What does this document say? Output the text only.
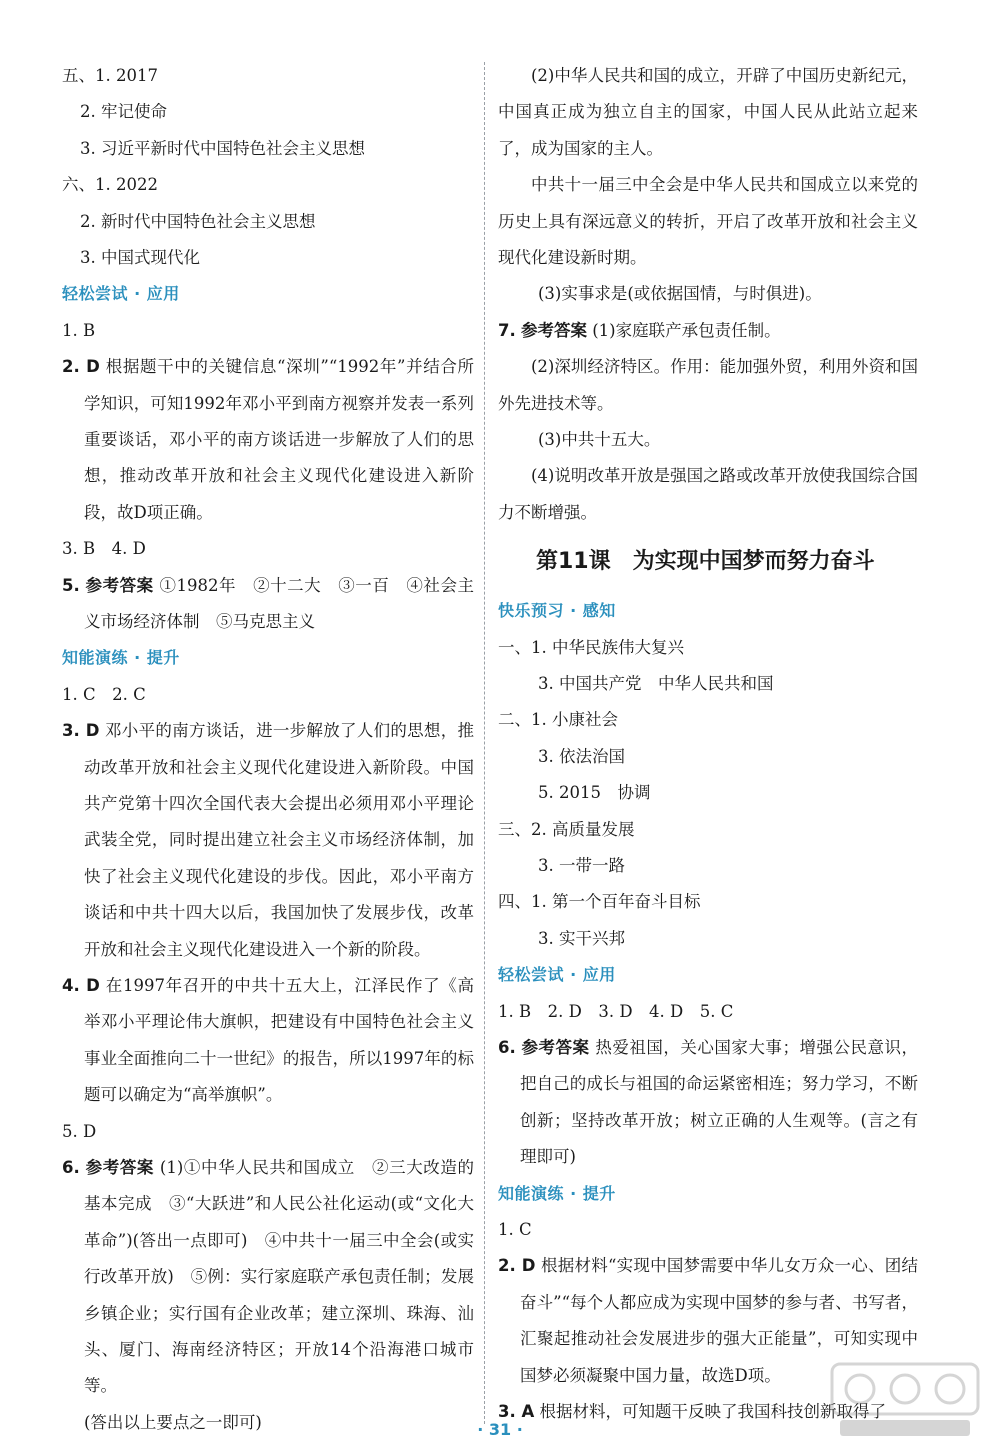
五、1. 2017
2. 牢记使命
3. 习近平新时代中国特色社会主义思想
六、1. 2022
2. 新时代中国特色社会主义思想
3. 中国式现代化
轻松尝试 · 应用
1. B
2. D 根据题干中的关键信息“深圳”“1992年”并结合所学知识，可知1992年邓小平到南方视察并发表一系列重要谈话，邓小平的南方谈话进一步解放了人们的思想，推动改革开放和社会主义现代化建设进入新阶段，故D项正确。
3. B　4. D
5. 参考答案 ①1982年　②十二大　③一百　④社会主义市场经济体制　⑤马克思主义
知能演练 · 提升
1. C　2. C
3. D 邓小平的南方谈话，进一步解放了人们的思想，推动改革开放和社会主义现代化建设进入新阶段。中国共产党第十四次全国代表大会提出必须用邓小平理论武装全党，同时提出建立社会主义市场经济体制，加快了社会主义现代化建设的步伐。因此，邓小平南方谈话和中共十四大以后，我国加快了发展步伐，改革开放和社会主义现代化建设进入一个新的阶段。
4. D 在1997年召开的中共十五大上，江泽民作了《高举邓小平理论伟大旗帜，把建设有中国特色社会主义事业全面推向二十一世纪》的报告，所以1997年的标题可以确定为“高举旗帜”。
5. D
6. 参考答案 (1)①中华人民共和国成立　②三大改造的基本完成　③“大跃进”和人民公社化运动(或“文化大革命”)(答出一点即可)　④中共十一届三中全会(或实行改革开放)　⑤例：实行家庭联产承包责任制；发展乡镇企业；实行国有企业改革；建立深圳、珠海、汕头、厦门、海南经济特区；开放14个沿海港口城市等。
(答出以上要点之一即可)
(2)中华人民共和国的成立，开辟了中国历史新纪元，中国真正成为独立自主的国家，中国人民从此站立起来了，成为国家的主人。
中共十一届三中全会是中华人民共和国成立以来党的历史上具有深远意义的转折，开启了改革开放和社会主义现代化建设新时期。
(3)实事求是(或依据国情，与时俱进)。
7. 参考答案 (1)家庭联产承包责任制。
(2)深圳经济特区。作用：能加强外贸，利用外资和国外先进技术等。
(3)中共十五大。
(4)说明改革开放是强国之路或改革开放使我国综合国力不断增强。
第11课　为实现中国梦而努力奋斗
快乐预习 · 感知
一、1. 中华民族伟大复兴
3. 中国共产党　中华人民共和国
二、1. 小康社会
3. 依法治国
5. 2015　协调
三、2. 高质量发展
3. 一带一路
四、1. 第一个百年奋斗目标
3. 实干兴邦
轻松尝试 · 应用
1. B　2. D　3. D　4. D　5. C
6. 参考答案 热爱祖国，关心国家大事；增强公民意识，把自己的成长与祖国的命运紧密相连；努力学习，不断创新；坚持改革开放；树立正确的人生观等。(言之有理即可)
知能演练 · 提升
1. C
2. D 根据材料“实现中国梦需要中华儿女万众一心、团结奋斗”“每个人都应成为实现中国梦的参与者、书写者，汇聚起推动社会发展进步的强大正能量”，可知实现中国梦必须凝聚中国力量，故选D项。
3. A 根据材料，可知题干反映了我国科技创新取得了
· 31 ·
